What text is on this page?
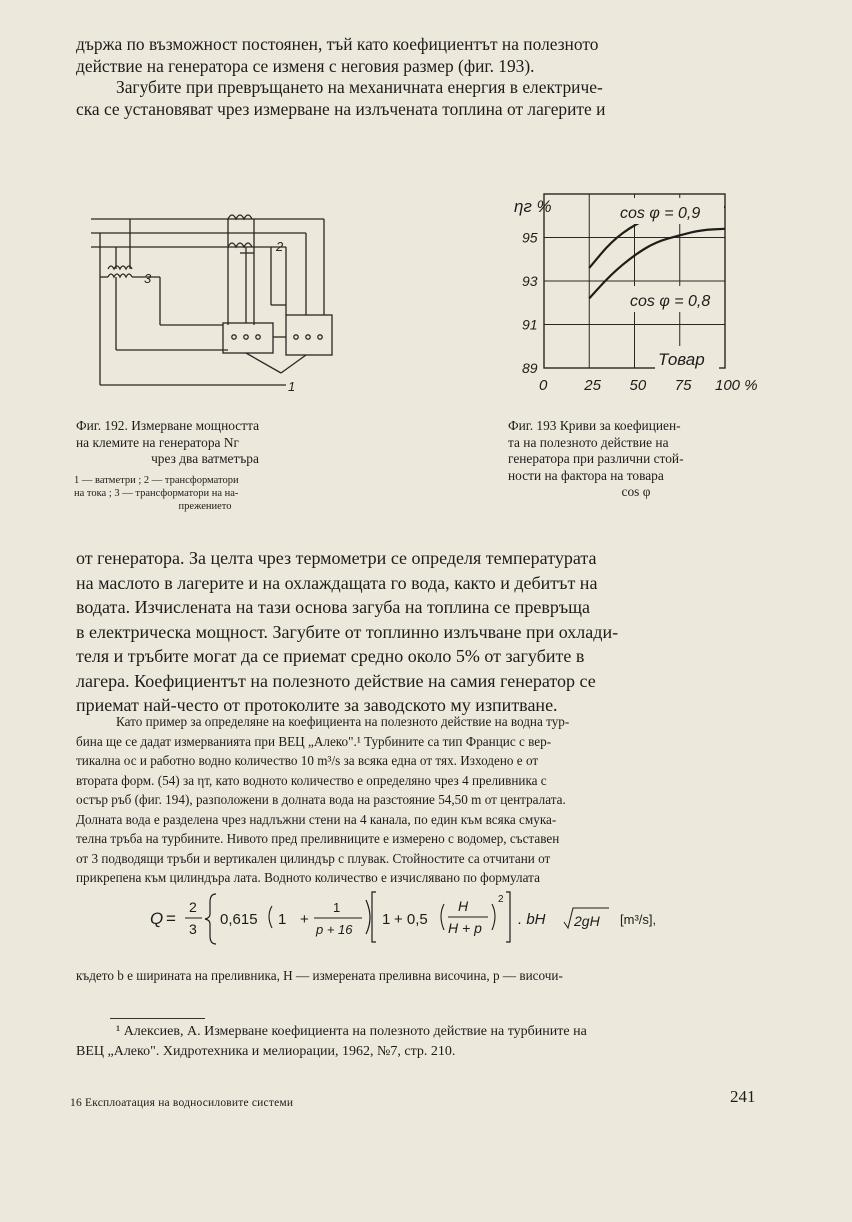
държа по възможност постоянен, тъй като коефициентът на полезното
действие на генератора се изменя с неговия размер (фиг. 193).
Загубите при превръщането на механичната енергия в електриче-
ска се установяват чрез измерване на излъчената топлина от лагерите и
1
2
3
0 25 50 75 100 %
89
91
93
95
ηг %	cos φ = 0,9
cos φ = 0,8
Товар
Фиг. 192. Измерване мощността
на клемите на генератора Nг
чрез два ватметъра
1 — ватметри ; 2 — трансформатори
на тока ; 3 — трансформатори на на-
прежението
Фиг. 193 Криви за коефициен-
та на полезното действие на
генератора при различни стой-
ности на фактора на товара
cos φ
от генератора. За целта чрез термометри се определя температурата
на маслото в лагерите и на охлаждащата го вода, както и дебитът на
водата. Изчислената на тази основа загуба на топлина се превръща
в електрическа мощност. Загубите от топлинно излъчване при охлади-
теля и тръбите могат да се приемат средно около 5% от загубите в
лагера. Коефициентът на полезното действие на самия генератор се
приемат най-често от протоколите за заводското му изпитване.
Като пример за определяне на коефициента на полезното действие на водна тур-
бина ще се дадат измерванията при ВЕЦ „Алеко".¹ Турбините са тип Францис с вер-
тикална ос и работно водно количество 10 m³/s за всяка една от тях. Изходено е от
втората форм. (54) за ηт, като водното количество е определяно чрез 4 преливника с
остър ръб (фиг. 194), разположени в долната вода на разстояние 54,50 m от централата.
Долната вода е разделена чрез надлъжни стени на 4 канала, по един към всяка смука-
телна тръба на турбините. Нивото пред преливниците е измерено с водомер, съставен
от 3 подводящи тръби и вертикален цилиндър с плувак. Стойностите са отчитани от
прикрепена към цилиндъра лата. Водното количество е изчислявано по формулата
Q =
2
3
0,615 1 +
1
p + 16
1 + 0,5
H
H + p
2
. bH 2gH [m³/s],
където b е ширината на преливника, H — измерената преливна височина, p — височи-
¹ Алексиев, А. Измерване коефициента на полезното действие на турбините на
ВЕЦ „Алеко". Хидротехника и мелиорации, 1962, №7, стр. 210.
16 Експлоатация на водносиловите системи	241
